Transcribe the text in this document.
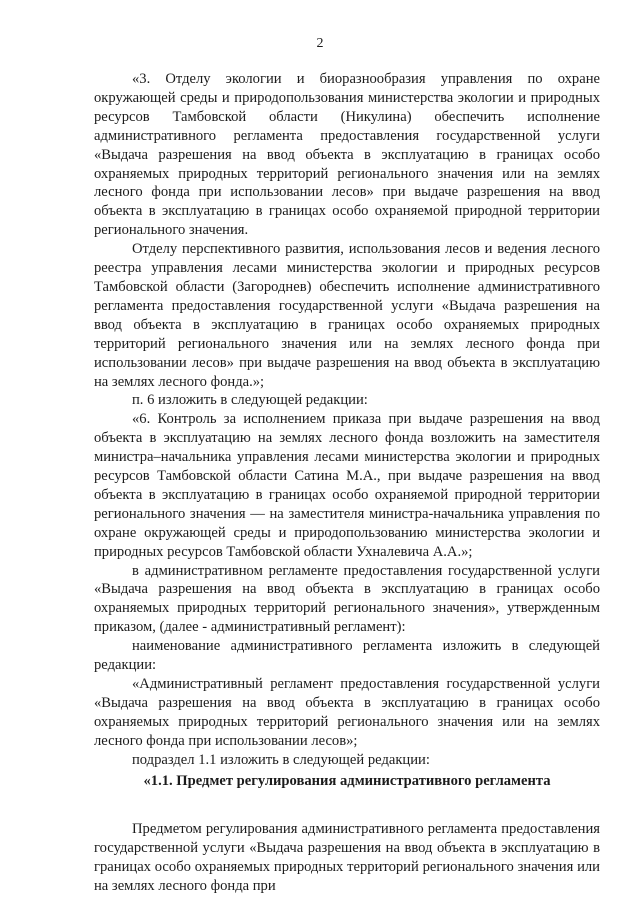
2

«3. Отделу экологии и биоразнообразия управления по охране окружающей среды и природопользования министерства экологии и природных ресурсов Тамбовской области (Никулина) обеспечить исполнение административного регламента предоставления государственной услуги «Выдача разрешения на ввод объекта в эксплуатацию в границах особо охраняемых природных территорий регионального значения или на землях лесного фонда при использовании лесов» при выдаче разрешения на ввод объекта в эксплуатацию в границах особо охраняемой природной территории регионального значения.

Отделу перспективного развития, использования лесов и ведения лесного реестра управления лесами министерства экологии и природных ресурсов Тамбовской области (Загороднев) обеспечить исполнение административного регламента предоставления государственной услуги «Выдача разрешения на ввод объекта в эксплуатацию в границах особо охраняемых природных территорий регионального значения или на землях лесного фонда при использовании лесов» при выдаче разрешения на ввод объекта в эксплуатацию на землях лесного фонда.»;

п. 6 изложить в следующей редакции:

«6. Контроль за исполнением приказа при выдаче разрешения на ввод объекта в эксплуатацию на землях лесного фонда возложить на заместителя министра–начальника управления лесами министерства экологии и природных ресурсов Тамбовской области Сатина М.А., при выдаче разрешения на ввод объекта в эксплуатацию в границах особо охраняемой природной территории регионального значения — на заместителя министра-начальника управления по охране окружающей среды и природопользованию министерства экологии и природных ресурсов Тамбовской области Ухналевича А.А.»;

в административном регламенте предоставления государственной услуги «Выдача разрешения на ввод объекта в эксплуатацию в границах особо охраняемых природных территорий регионального значения», утвержденным приказом, (далее - административный регламент):

наименование административного регламента изложить в следующей редакции:

«Административный регламент предоставления государственной услуги «Выдача разрешения на ввод объекта в эксплуатацию в границах особо охраняемых природных территорий регионального значения или на землях лесного фонда при использовании лесов»;

подраздел 1.1 изложить в следующей редакции:

«1.1. Предмет регулирования административного регламента

Предметом регулирования административного регламента предоставления государственной услуги «Выдача разрешения на ввод объекта в эксплуатацию в границах особо охраняемых природных территорий регионального значения или на землях лесного фонда при
